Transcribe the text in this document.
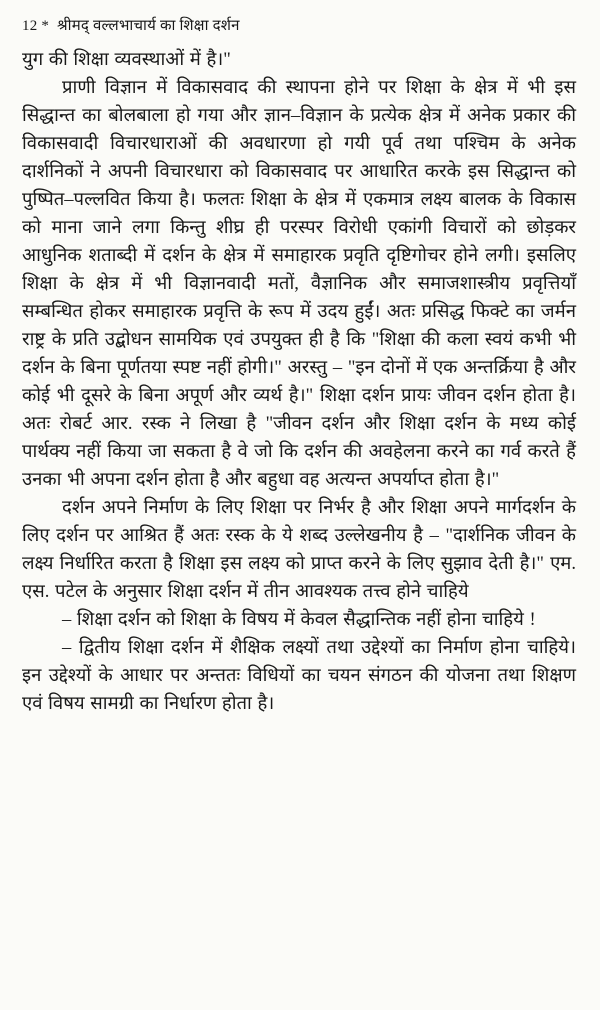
12 * श्रीमद् वल्लभाचार्य का शिक्षा दर्शन

युग की शिक्षा व्यवस्थाओं में है।"

प्राणी विज्ञान में विकासवाद की स्थापना होने पर शिक्षा के क्षेत्र में भी इस सिद्धान्त का बोलबाला हो गया और ज्ञान–विज्ञान के प्रत्येक क्षेत्र में अनेक प्रकार की विकासवादी विचारधाराओं की अवधारणा हो गयी पूर्व तथा पश्चिम के अनेक दार्शनिकों ने अपनी विचारधारा को विकासवाद पर आधारित करके इस सिद्धान्त को पुष्पित–पल्लवित किया है। फलतः शिक्षा के क्षेत्र में एकमात्र लक्ष्य बालक के विकास को माना जाने लगा किन्तु शीघ्र ही परस्पर विरोधी एकांगी विचारों को छोड़कर आधुनिक शताब्दी में दर्शन के क्षेत्र में समाहारक प्रवृति दृष्टिगोचर होने लगी। इसलिए शिक्षा के क्षेत्र में भी विज्ञानवादी मतों, वैज्ञानिक और समाजशास्त्रीय प्रवृत्तियाँ सम्बन्धित होकर समाहारक प्रवृत्ति के रूप में उदय हुईं। अतः प्रसिद्ध फिक्टे का जर्मन राष्ट्र के प्रति उद्बोधन सामयिक एवं उपयुक्त ही है कि "शिक्षा की कला स्वयं कभी भी दर्शन के बिना पूर्णतया स्पष्ट नहीं होगी।" अरस्तु – "इन दोनों में एक अन्तर्क्रिया है और कोई भी दूसरे के बिना अपूर्ण और व्यर्थ है।" शिक्षा दर्शन प्रायः जीवन दर्शन होता है। अतः रोबर्ट आर. रस्क ने लिखा है "जीवन दर्शन और शिक्षा दर्शन के मध्य कोई पार्थक्य नहीं किया जा सकता है वे जो कि दर्शन की अवहेलना करने का गर्व करते हैं उनका भी अपना दर्शन होता है और बहुधा वह अत्यन्त अपर्याप्त होता है।"

दर्शन अपने निर्माण के लिए शिक्षा पर निर्भर है और शिक्षा अपने मार्गदर्शन के लिए दर्शन पर आश्रित हैं अतः रस्क के ये शब्द उल्लेखनीय है – "दार्शनिक जीवन के लक्ष्य निर्धारित करता है शिक्षा इस लक्ष्य को प्राप्त करने के लिए सुझाव देती है।" एम. एस. पटेल के अनुसार शिक्षा दर्शन में तीन आवश्यक तत्त्व होने चाहिये

– शिक्षा दर्शन को शिक्षा के विषय में केवल सैद्धान्तिक नहीं होना चाहिये !

– द्वितीय शिक्षा दर्शन में शैक्षिक लक्ष्यों तथा उद्देश्यों का निर्माण होना चाहिये। इन उद्देश्यों के आधार पर अन्ततः विधियों का चयन संगठन की योजना तथा शिक्षण एवं विषय सामग्री का निर्धारण होता है।
